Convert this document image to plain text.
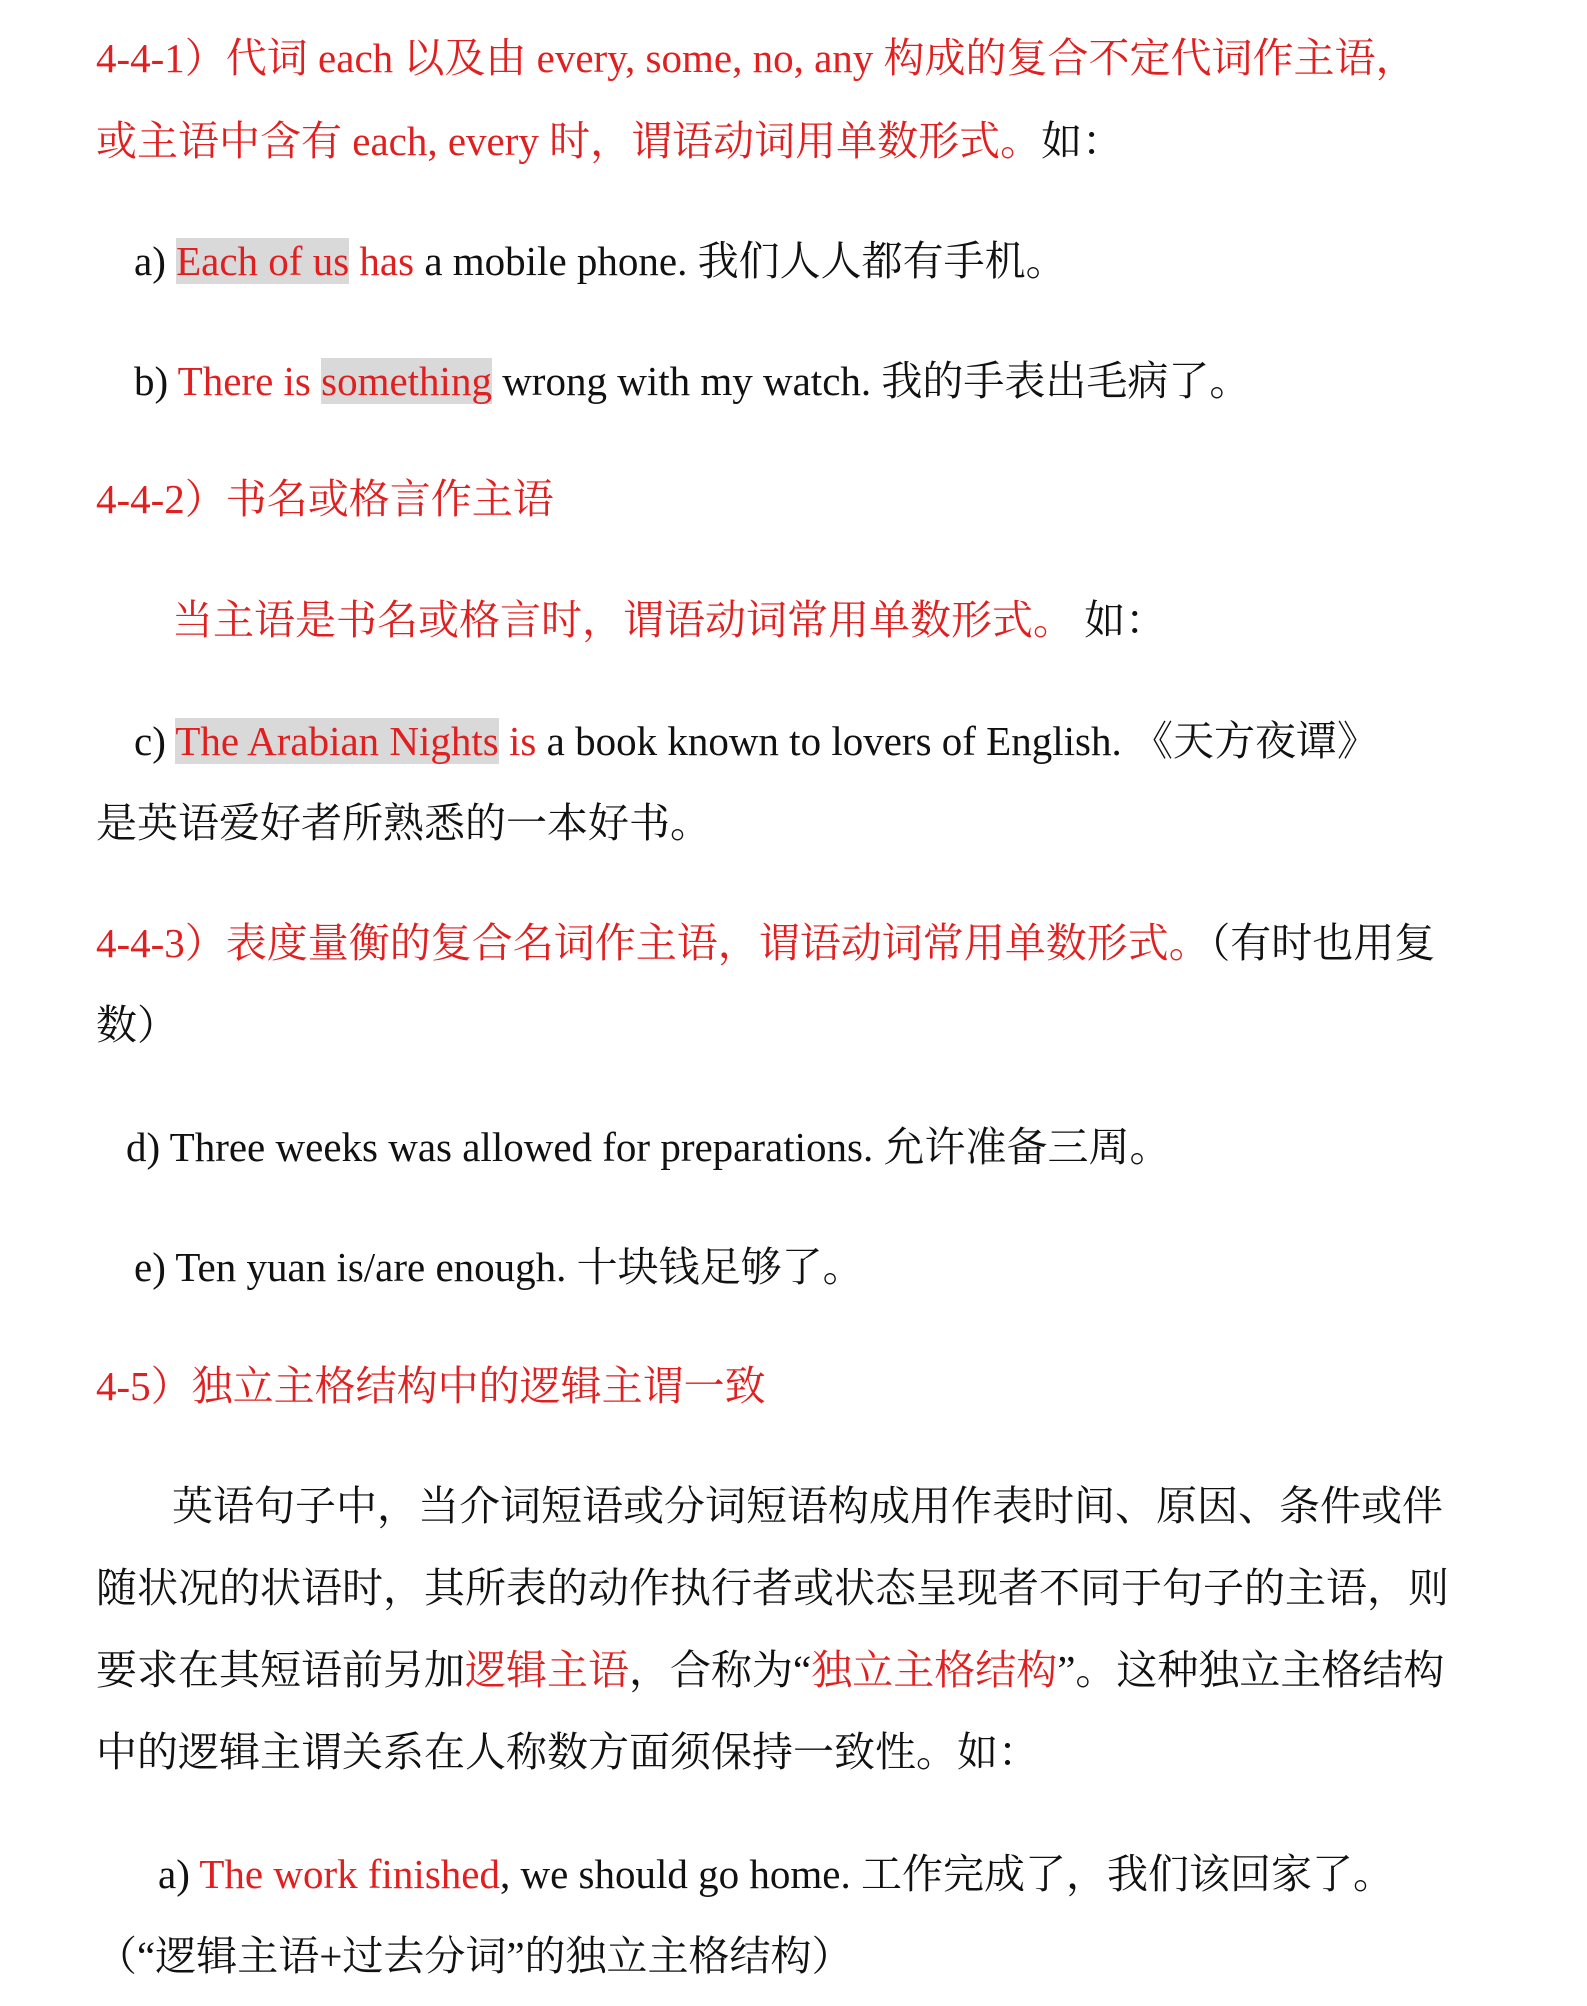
4-4-1）代词 each 以及由 every, some, no, any 构成的复合不定代词作主语，
或主语中含有 each, every 时，谓语动词用单数形式。如：
a) Each of us has a mobile phone. 我们人人都有手机。
b) There is something wrong with my watch. 我的手表出毛病了。
4-4-2）书名或格言作主语
当主语是书名或格言时，谓语动词常用单数形式。 如：
c) The Arabian Nights is a book known to lovers of English. 《天方夜谭》
是英语爱好者所熟悉的一本好书。
4-4-3）表度量衡的复合名词作主语，谓语动词常用单数形式。（有时也用复
数）
d) Three weeks was allowed for preparations. 允许准备三周。
e) Ten yuan is/are enough. 十块钱足够了。
4-5）独立主格结构中的逻辑主谓一致
英语句子中，当介词短语或分词短语构成用作表时间、原因、条件或伴
随状况的状语时，其所表的动作执行者或状态呈现者不同于句子的主语，则
要求在其短语前另加逻辑主语，合称为“独立主格结构”。这种独立主格结构
中的逻辑主谓关系在人称数方面须保持一致性。如：
a) The work finished, we should go home. 工作完成了，我们该回家了。
（“逻辑主语+过去分词”的独立主格结构）
